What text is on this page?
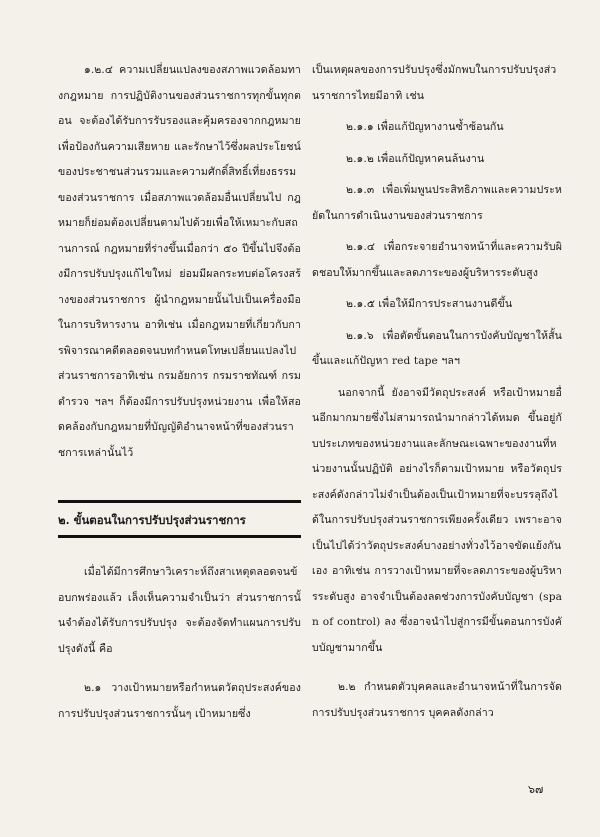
๑.๒.๔ ความเปลี่ยนแปลงของสภาพแวดล้อมทางกฎหมาย การปฏิบัติงานของส่วนราชการทุกขั้นทุกตอน จะต้องได้รับการรับรองและคุ้มครองจากกฎหมาย เพื่อป้องกันความเสียหาย และรักษาไว้ซึ่งผลประโยชน์ของประชาชนส่วนรวมและความศักดิ์สิทธิ์เที่ยงธรรมของส่วนราชการ เมื่อสภาพแวดล้อมอื่นเปลี่ยนไป กฎหมายก็ย่อมต้องเปลี่ยนตามไปด้วยเพื่อให้เหมาะกับสถานการณ์ กฎหมายที่ร่างขึ้นเมื่อกว่า ๕๐ ปีขึ้นไปจึงต้องมีการปรับปรุงแก้ไขใหม่ ย่อมมีผลกระทบต่อโครงสร้างของส่วนราชการ ผู้นำกฎหมายนั้นไปเป็นเครื่องมือในการบริหารงาน อาทิเช่น เมื่อกฎหมายที่เกี่ยวกับการพิจารณาคดีตลอดจนบทกำหนดโทษเปลี่ยนแปลงไป ส่วนราชการอาทิเช่น กรมอัยการ กรมราชทัณฑ์ กรมตำรวจ ฯลฯ ก็ต้องมีการปรับปรุงหน่วยงาน เพื่อให้สอดคล้องกับกฎหมายที่บัญญัติอำนาจหน้าที่ของส่วนราชการเหล่านั้นไว้

๒. ขั้นตอนในการปรับปรุงส่วนราชการ

เมื่อได้มีการศึกษาวิเคราะห์ถึงสาเหตุตลอดจนข้อบกพร่องแล้ว เล็งเห็นความจำเป็นว่า ส่วนราชการนั้นจำต้องได้รับการปรับปรุง จะต้องจัดทำแผนการปรับปรุงดังนี้ คือ

๒.๑ วางเป้าหมายหรือกำหนดวัตถุประสงค์ของการปรับปรุงส่วนราชการนั้นๆ เป้าหมายซึ่ง

เป็นเหตุผลของการปรับปรุงซึ่งมักพบในการปรับปรุงส่วนราชการไทยมีอาทิ เช่น

๒.๑.๑ เพื่อแก้ปัญหางานซ้ำซ้อนกัน

๒.๑.๒ เพื่อแก้ปัญหาคนล้นงาน

๒.๑.๓ เพื่อเพิ่มพูนประสิทธิภาพและความประหยัดในการดำเนินงานของส่วนราชการ

๒.๑.๔ เพื่อกระจายอำนาจหน้าที่และความรับผิดชอบให้มากขึ้นและลดภาระของผู้บริหารระดับสูง

๒.๑.๕ เพื่อให้มีการประสานงานดีขึ้น

๒.๑.๖ เพื่อตัดขั้นตอนในการบังคับบัญชาให้สั้นขึ้นและแก้ปัญหา red tape ฯลฯ

นอกจากนี้ ยังอาจมีวัตถุประสงค์ หรือเป้าหมายอื่นอีกมากมายซึ่งไม่สามารถนำมากล่าวได้หมด ขึ้นอยู่กับประเภทของหน่วยงานและลักษณะเฉพาะของงานที่หน่วยงานนั้นปฏิบัติ อย่างไรก็ตามเป้าหมาย หรือวัตถุประสงค์ดังกล่าวไม่จำเป็นต้องเป็นเป้าหมายที่จะบรรลุถึงได้ในการปรับปรุงส่วนราชการเพียงครั้งเดียว เพราะอาจเป็นไปได้ว่าวัตถุประสงค์บางอย่างทั่วงไว้อาจขัดแย้งกันเอง อาทิเช่น การวางเป้าหมายที่จะลดภาระของผู้บริหารระดับสูง อาจจำเป็นต้องลดช่วงการบังคับบัญชา (span of control) ลง ซึ่งอาจนำไปสู่การมีขั้นตอนการบังคับบัญชามากขึ้น

๒.๒ กำหนดตัวบุคคลและอำนาจหน้าที่ในการจัดการปรับปรุงส่วนราชการ บุคคลดังกล่าว

๖๗
